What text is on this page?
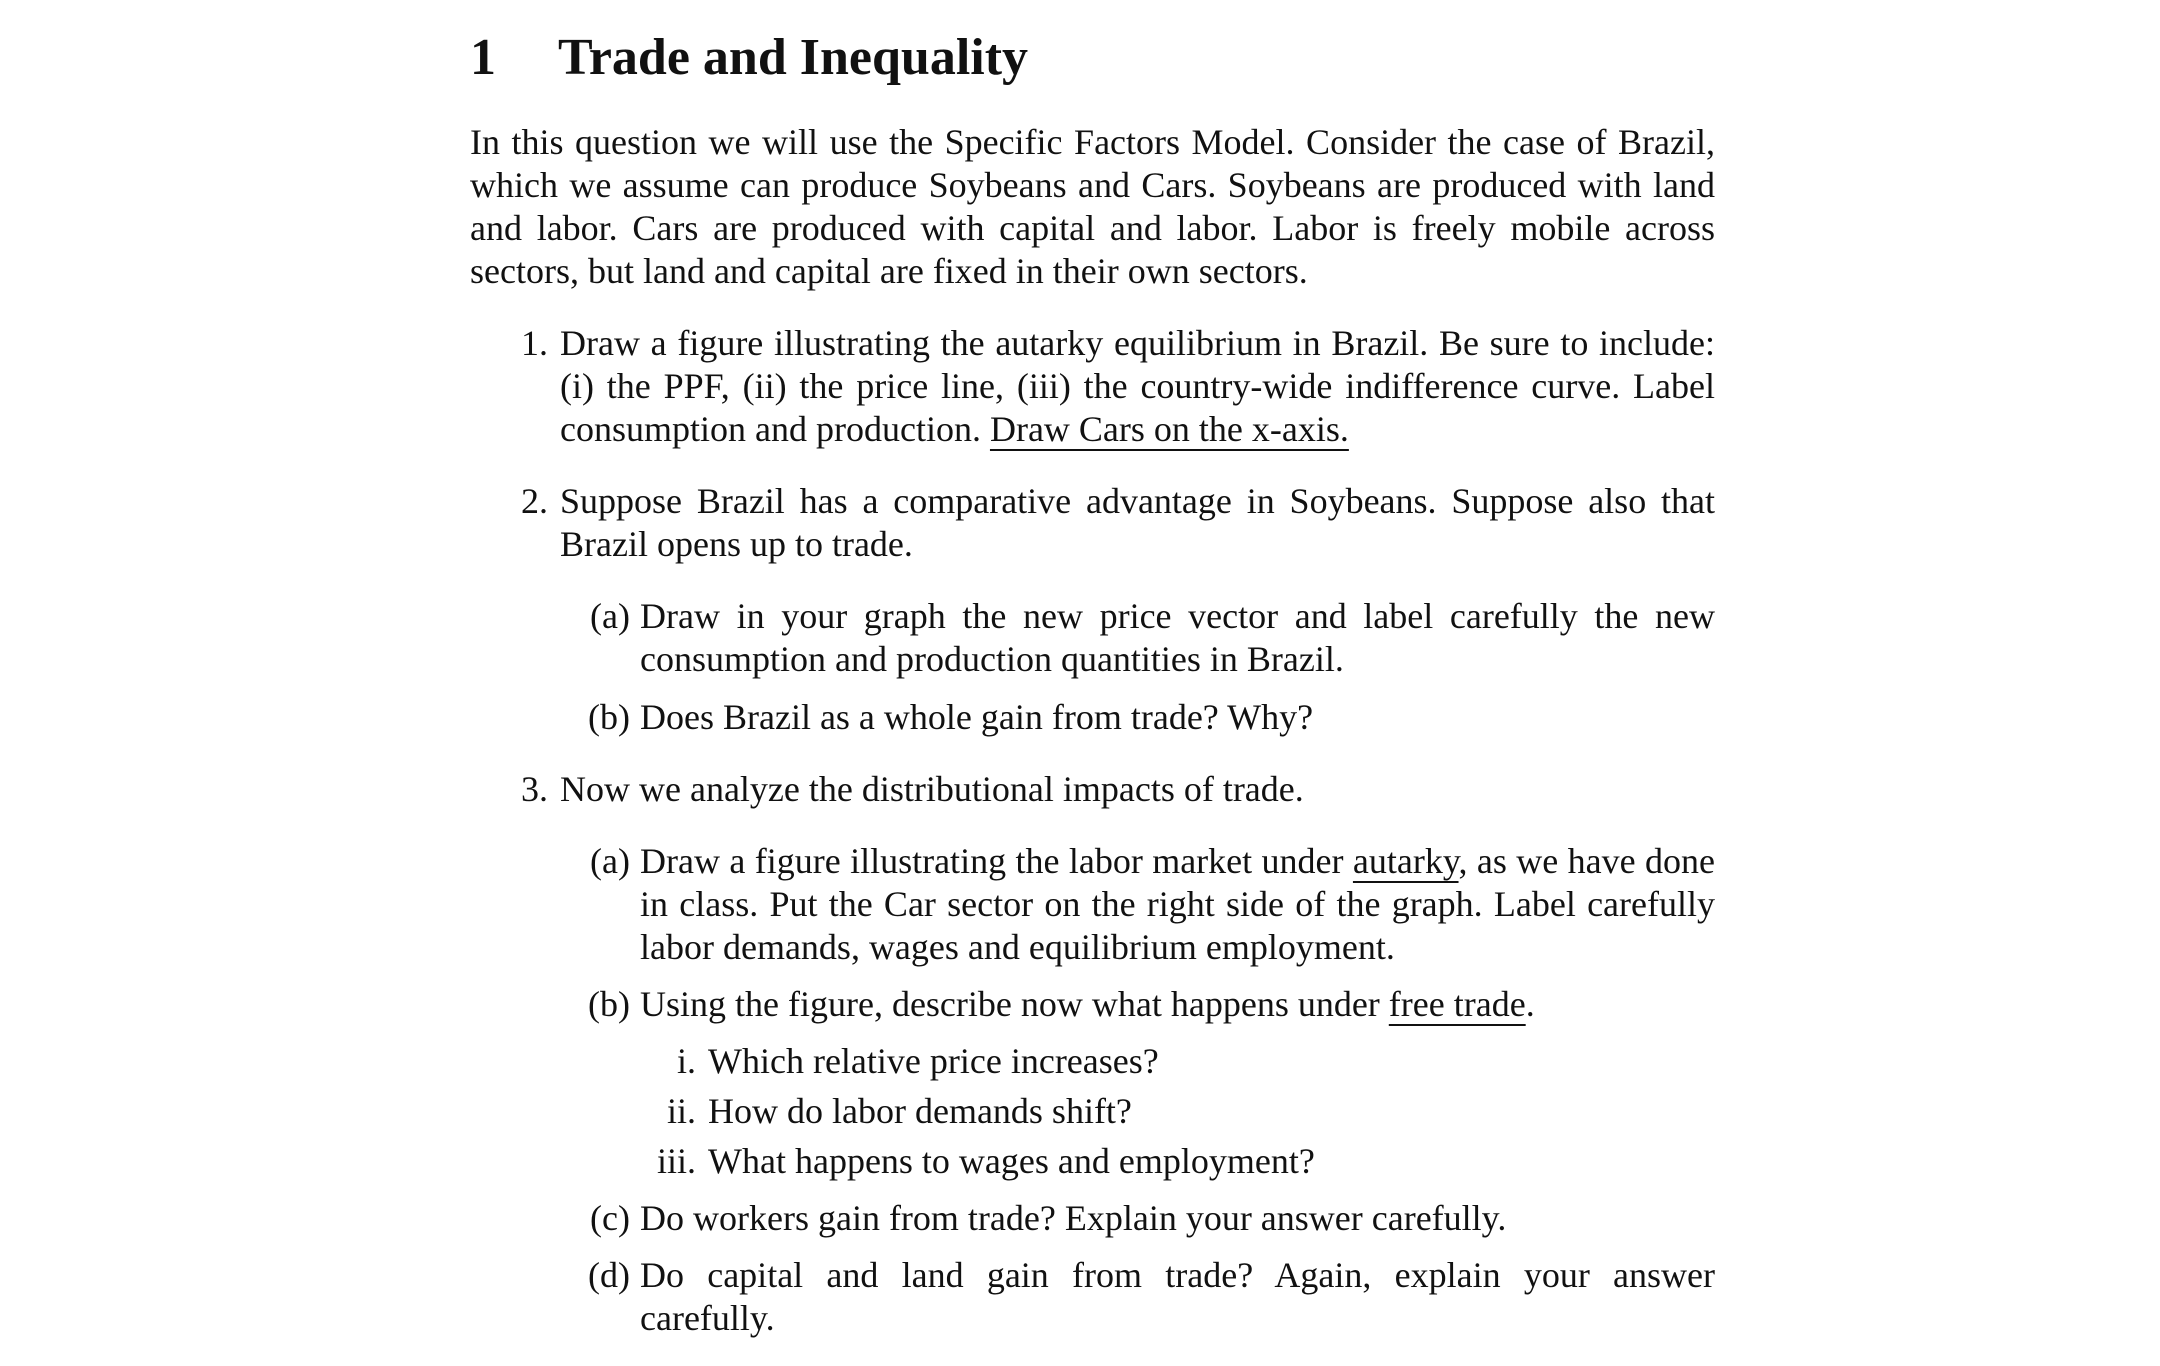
1 Trade and Inequality

In this question we will use the Specific Factors Model. Consider the case of Brazil, which we assume can produce Soybeans and Cars. Soybeans are produced with land and labor. Cars are produced with capital and labor. Labor is freely mobile across sectors, but land and capital are fixed in their own sectors.

1. Draw a figure illustrating the autarky equilibrium in Brazil. Be sure to include: (i) the PPF, (ii) the price line, (iii) the country-wide indifference curve. Label consumption and production. Draw Cars on the x-axis.
2. Suppose Brazil has a comparative advantage in Soybeans. Suppose also that Brazil opens up to trade.
(a) Draw in your graph the new price vector and label carefully the new consumption and production quantities in Brazil.
(b) Does Brazil as a whole gain from trade? Why?
3. Now we analyze the distributional impacts of trade.
(a) Draw a figure illustrating the labor market under autarky, as we have done in class. Put the Car sector on the right side of the graph. Label carefully labor demands, wages and equilibrium employment.
(b) Using the figure, describe now what happens under free trade.
i. Which relative price increases?
ii. How do labor demands shift?
iii. What happens to wages and employment?
(c) Do workers gain from trade? Explain your answer carefully.
(d) Do capital and land gain from trade? Again, explain your answer carefully.
